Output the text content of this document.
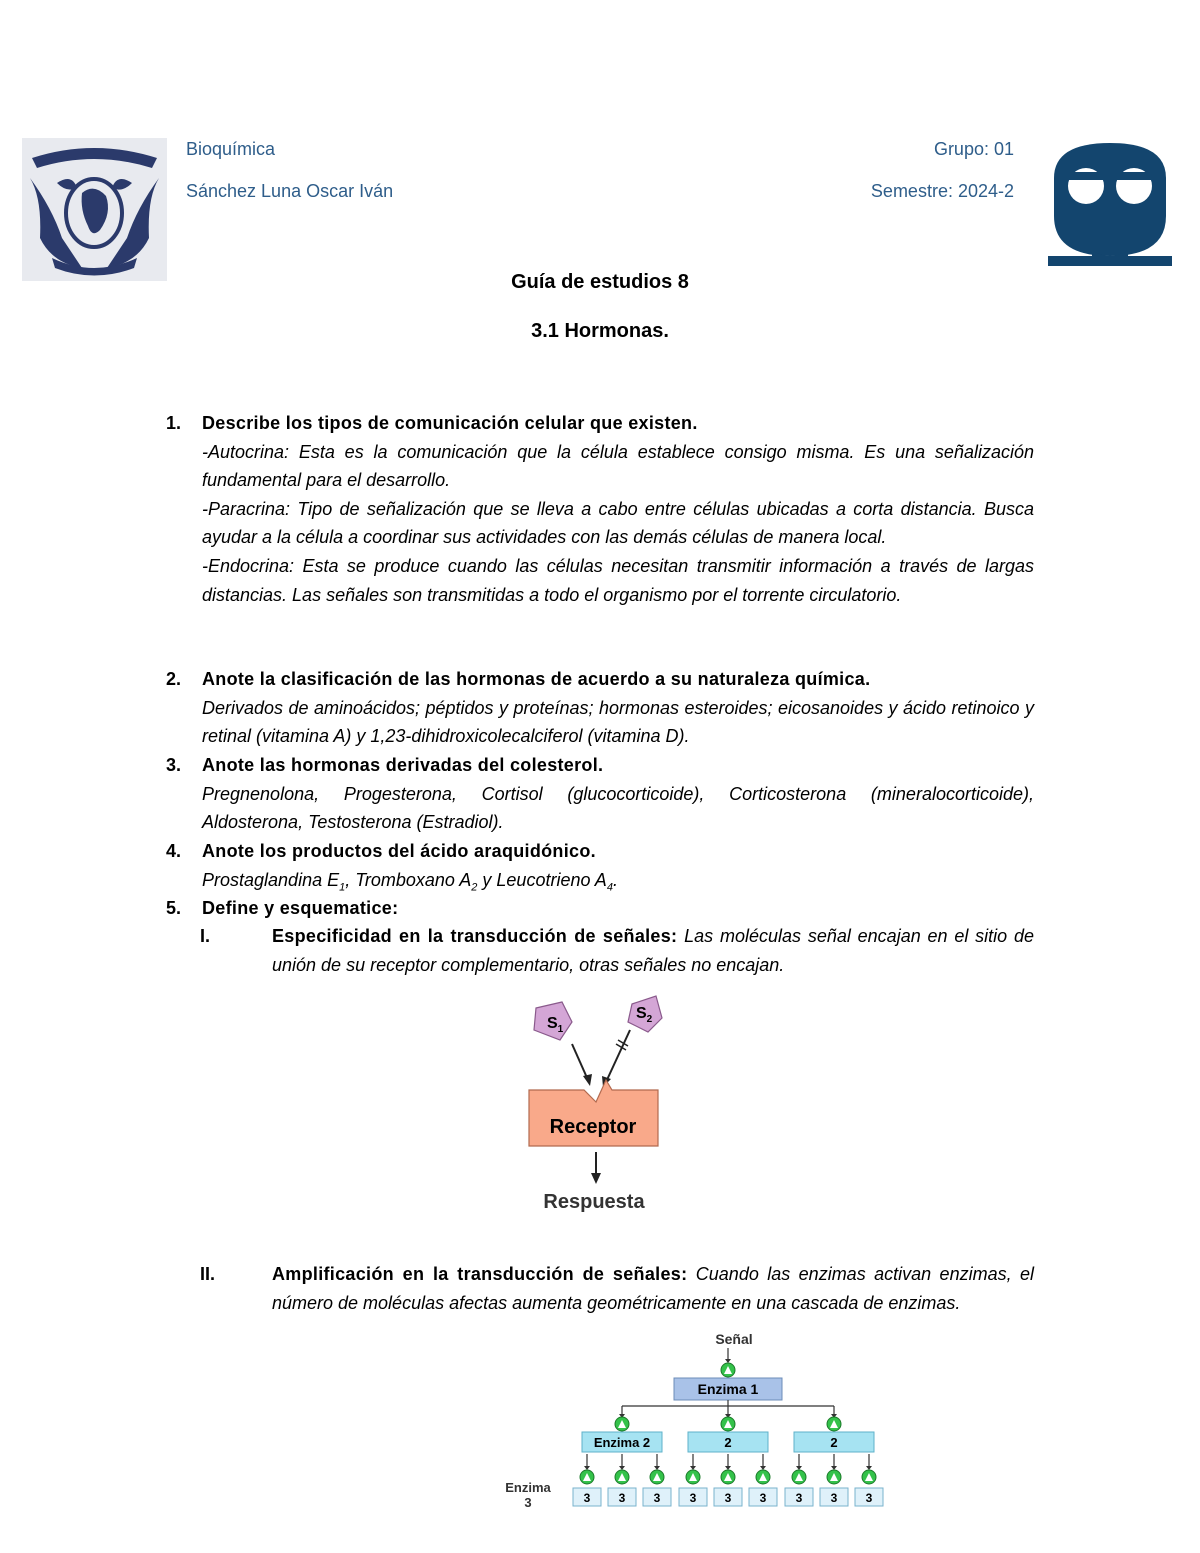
Bioquímica
Sánchez Luna Oscar Iván
Grupo: 01
Semestre: 2024-2
Guía de estudios 8
3.1 Hormonas.
1. Describe los tipos de comunicación celular que existen.
-Autocrina: Esta es la comunicación que la célula establece consigo misma. Es una señalización fundamental para el desarrollo.
-Paracrina: Tipo de señalización que se lleva a cabo entre células ubicadas a corta distancia. Busca ayudar a la célula a coordinar sus actividades con las demás células de manera local.
-Endocrina: Esta se produce cuando las células necesitan transmitir información a través de largas distancias. Las señales son transmitidas a todo el organismo por el torrente circulatorio.
2. Anote la clasificación de las hormonas de acuerdo a su naturaleza química.
Derivados de aminoácidos; péptidos y proteínas; hormonas esteroides; eicosanoides y ácido retinoico y retinal (vitamina A) y 1,23-dihidroxicolecalciferol (vitamina D).
3. Anote las hormonas derivadas del colesterol.
Pregnenolona, Progesterona, Cortisol (glucocorticoide), Corticosterona (mineralocorticoide), Aldosterona, Testosterona (Estradiol).
4. Anote los productos del ácido araquidónico.
Prostaglandina $E_1$, Tromboxano $A_2$ y Leucotrieno $A_4$.
5. Define y esquematice:
I.	Especificidad en la transducción de señales: Las moléculas señal encajan en el sitio de unión de su receptor complementario, otras señales no encajan.
$S_1$
$S_2$
Receptor
Respuesta
II.	Amplificación en la transducción de señales: Cuando las enzimas activan enzimas, el número de moléculas afectas aumenta geométricamente en una cascada de enzimas.
Señal
Enzima 1
Enzima 2	2	2
Enzima
3	3 3 3 3 3 3 3 3 3
